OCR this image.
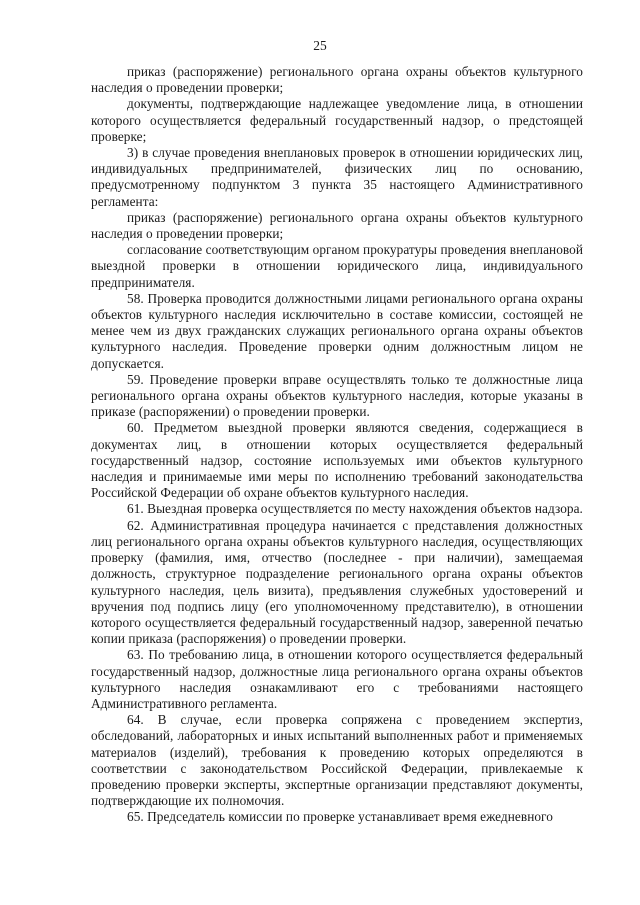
25

приказ (распоряжение) регионального органа охраны объектов культурного наследия о проведении проверки;

документы, подтверждающие надлежащее уведомление лица, в отношении которого осуществляется федеральный государственный надзор, о предстоящей проверке;

3) в случае проведения внеплановых проверок в отношении юридических лиц, индивидуальных предпринимателей, физических лиц по основанию, предусмотренному подпунктом 3 пункта 35 настоящего Административного регламента:

приказ (распоряжение) регионального органа охраны объектов культурного наследия о проведении проверки;

согласование соответствующим органом прокуратуры проведения внеплановой выездной проверки в отношении юридического лица, индивидуального предпринимателя.

58. Проверка проводится должностными лицами регионального органа охраны объектов культурного наследия исключительно в составе комиссии, состоящей не менее чем из двух гражданских служащих регионального органа охраны объектов культурного наследия. Проведение проверки одним должностным лицом не допускается.

59. Проведение проверки вправе осуществлять только те должностные лица регионального органа охраны объектов культурного наследия, которые указаны в приказе (распоряжении) о проведении проверки.

60. Предметом выездной проверки являются сведения, содержащиеся в документах лиц, в отношении которых осуществляется федеральный государственный надзор, состояние используемых ими объектов культурного наследия и принимаемые ими меры по исполнению требований законодательства Российской Федерации об охране объектов культурного наследия.

61. Выездная проверка осуществляется по месту нахождения объектов надзора.

62. Административная процедура начинается с представления должностных лиц регионального органа охраны объектов культурного наследия, осуществляющих проверку (фамилия, имя, отчество (последнее - при наличии), замещаемая должность, структурное подразделение регионального органа охраны объектов культурного наследия, цель визита), предъявления служебных удостоверений и вручения под подпись лицу (его уполномоченному представителю), в отношении которого осуществляется федеральный государственный надзор, заверенной печатью копии приказа (распоряжения) о проведении проверки.

63. По требованию лица, в отношении которого осуществляется федеральный государственный надзор, должностные лица регионального органа охраны объектов культурного наследия ознакамливают его с требованиями настоящего Административного регламента.

64. В случае, если проверка сопряжена с проведением экспертиз, обследований, лабораторных и иных испытаний выполненных работ и применяемых материалов (изделий), требования к проведению которых определяются в соответствии с законодательством Российской Федерации, привлекаемые к проведению проверки эксперты, экспертные организации представляют документы, подтверждающие их полномочия.

65. Председатель комиссии по проверке устанавливает время ежедневного
